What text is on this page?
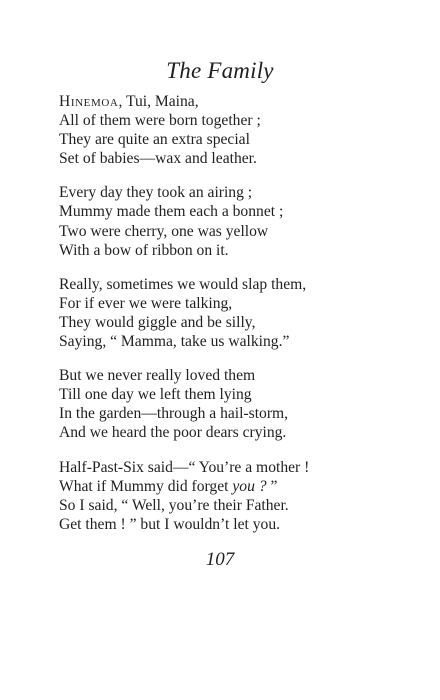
The Family
Hinemoa, Tui, Maina,
All of them were born together ;
They are quite an extra special
Set of babies—wax and leather.
Every day they took an airing ;
Mummy made them each a bonnet ;
Two were cherry, one was yellow
With a bow of ribbon on it.
Really, sometimes we would slap them,
For if ever we were talking,
They would giggle and be silly,
Saying, “ Mamma, take us walking.”
But we never really loved them
Till one day we left them lying
In the garden—through a hail-storm,
And we heard the poor dears crying.
Half-Past-Six said—“ You’re a mother !
What if Mummy did forget you ? ”
So I said, “ Well, you’re their Father.
Get them ! ” but I wouldn’t let you.
107
